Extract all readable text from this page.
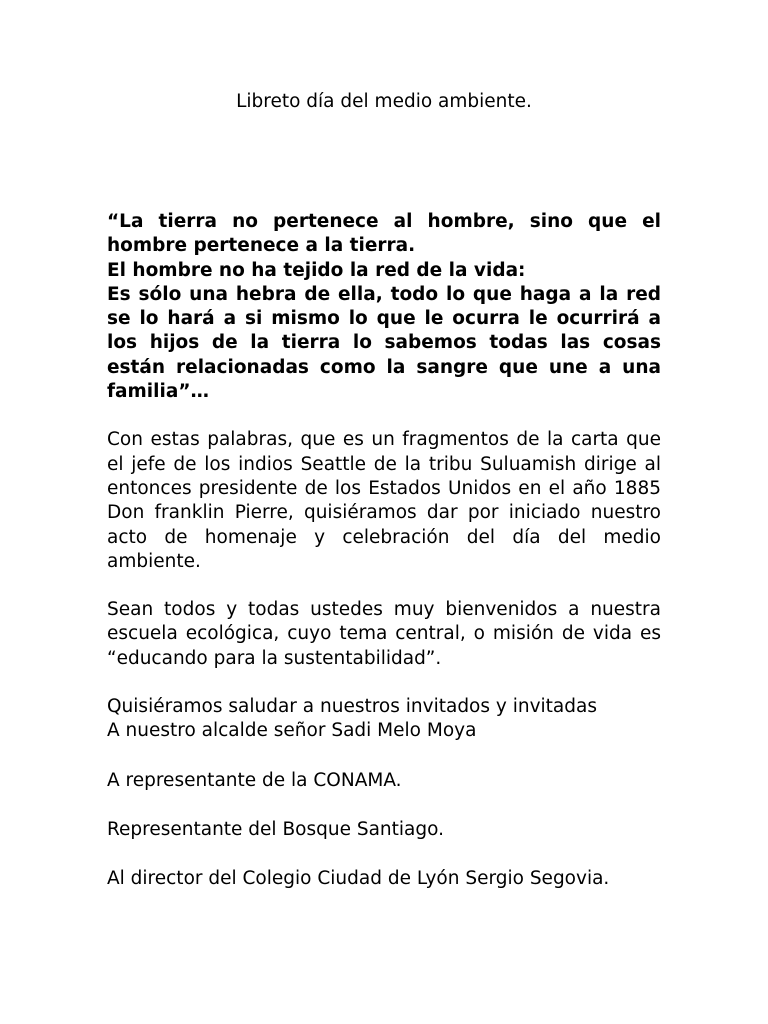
Libreto día del medio ambiente.

“La tierra no pertenece al hombre, sino que el hombre pertenece a la tierra.
El hombre no ha tejido la red de la vida:
Es sólo una hebra de ella, todo lo que haga a la red se lo hará a si mismo lo que le ocurra le ocurrirá a los hijos de la tierra lo sabemos todas las cosas están relacionadas como la sangre que une a una familia”…

Con estas palabras, que es un fragmentos de la carta que el jefe de los indios Seattle de la tribu Suluamish dirige al entonces presidente de los Estados Unidos en el año 1885 Don franklin Pierre, quisiéramos dar por iniciado nuestro acto de homenaje y celebración del día del medio ambiente.

Sean todos y todas ustedes muy bienvenidos a nuestra escuela ecológica, cuyo tema central, o misión de vida es “educando para la sustentabilidad”.

Quisiéramos saludar a nuestros invitados y invitadas
A nuestro alcalde señor Sadi Melo Moya

A representante de la CONAMA.

Representante del Bosque Santiago.

Al director del Colegio Ciudad de Lyón Sergio Segovia.
